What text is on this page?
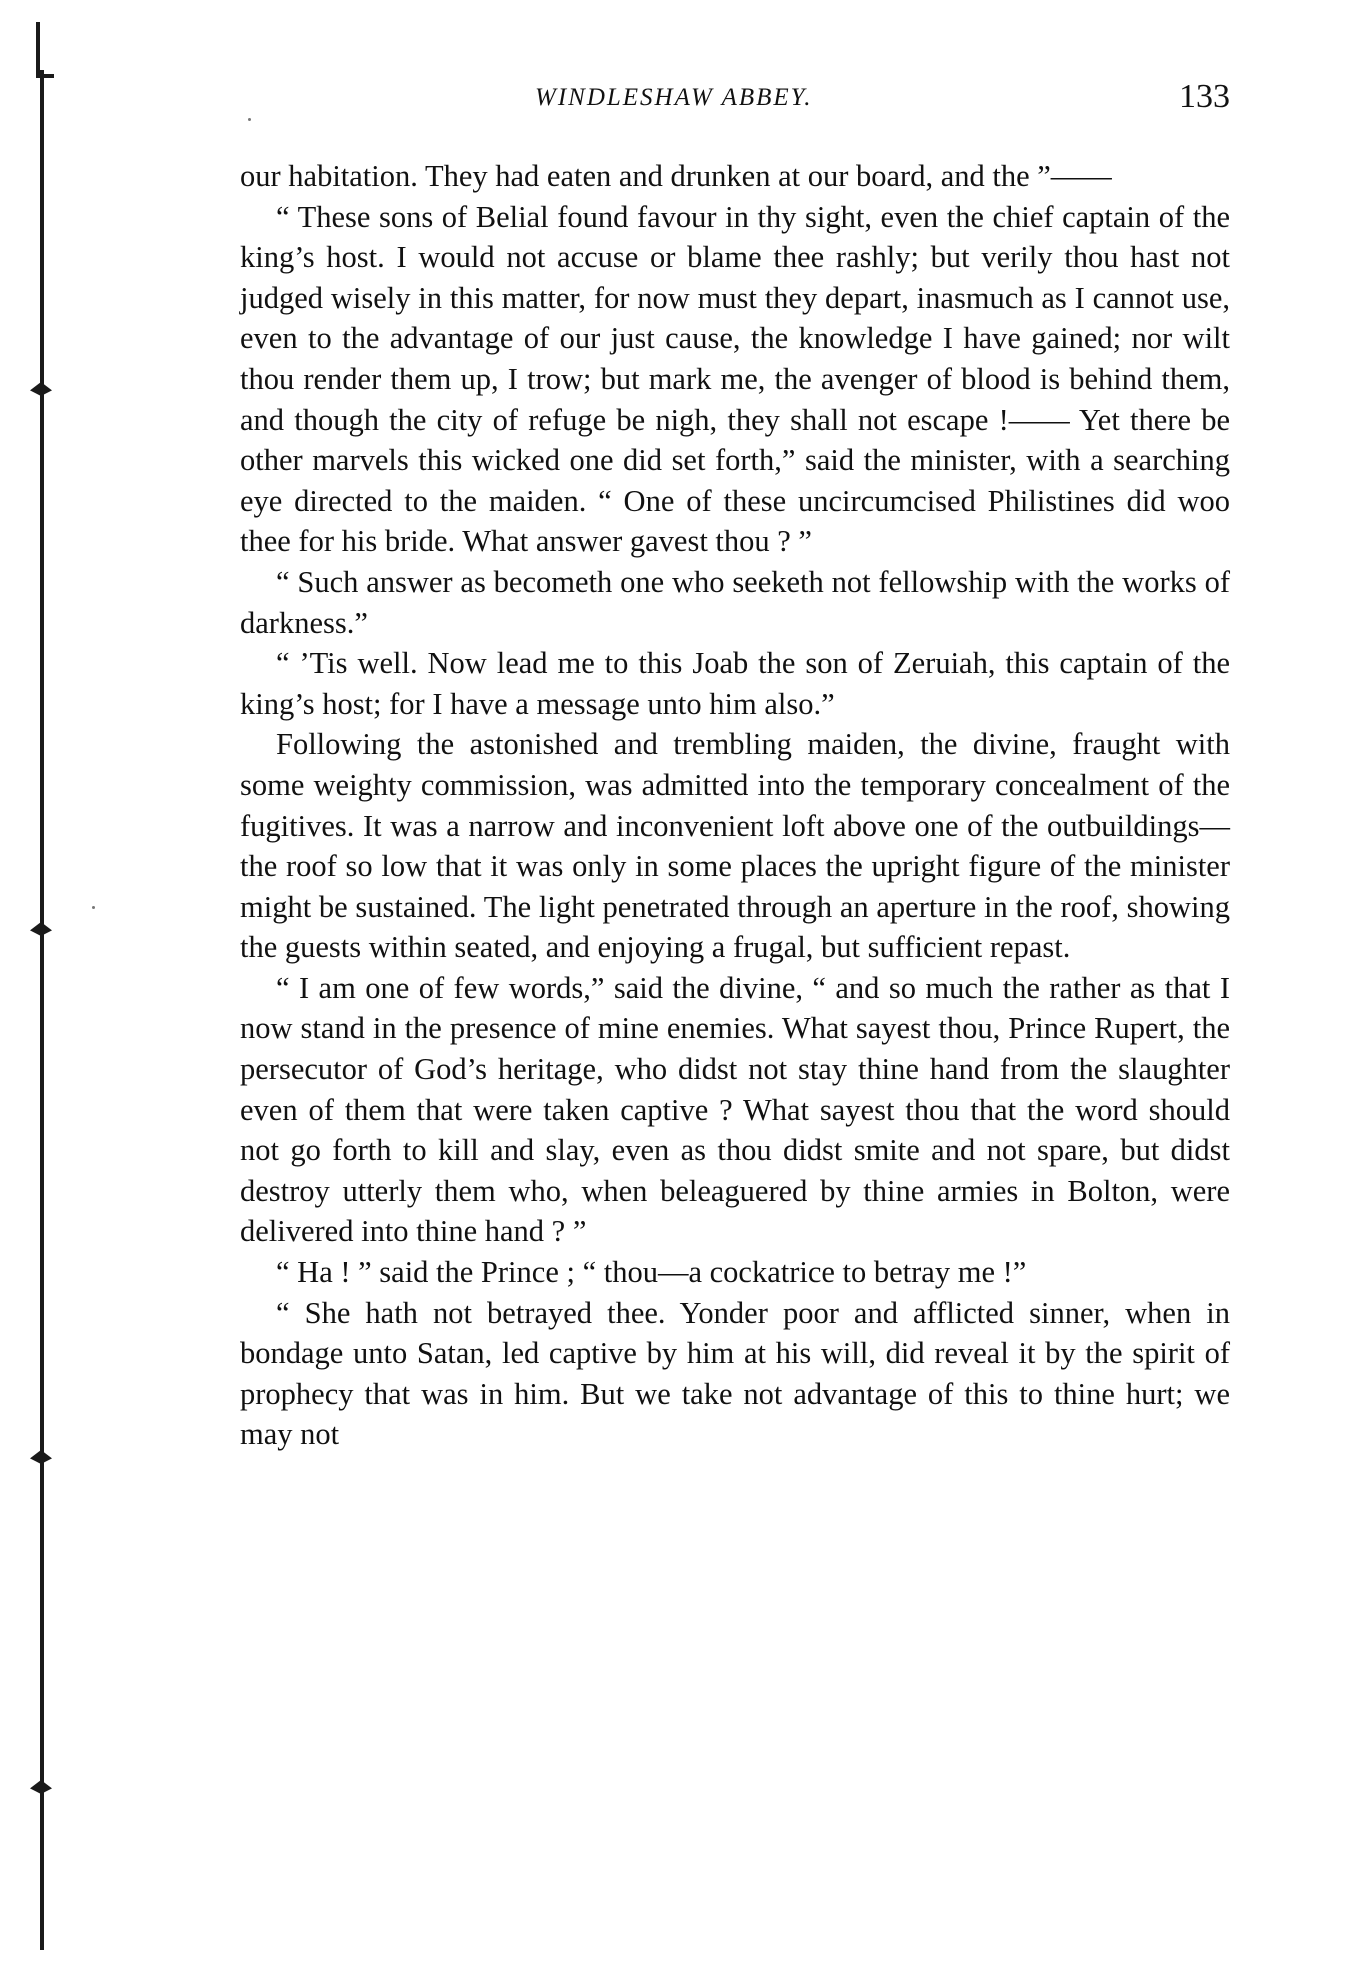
WINDLESHAW ABBEY.	133

our habitation. They had eaten and drunken at our board, and the ”——

“ These sons of Belial found favour in thy sight, even the chief captain of the king’s host. I would not accuse or blame thee rashly; but verily thou hast not judged wisely in this matter, for now must they depart, inasmuch as I cannot use, even to the advantage of our just cause, the knowledge I have gained; nor wilt thou render them up, I trow; but mark me, the avenger of blood is behind them, and though the city of refuge be nigh, they shall not escape !—— Yet there be other marvels this wicked one did set forth,” said the minister, with a searching eye directed to the maiden. “ One of these uncircumcised Philistines did woo thee for his bride. What answer gavest thou ? ”

“ Such answer as becometh one who seeketh not fellowship with the works of darkness.”

“ ’Tis well. Now lead me to this Joab the son of Zeruiah, this captain of the king’s host; for I have a message unto him also.”

Following the astonished and trembling maiden, the divine, fraught with some weighty commission, was admitted into the temporary concealment of the fugitives. It was a narrow and inconvenient loft above one of the outbuildings—the roof so low that it was only in some places the upright figure of the minister might be sustained. The light penetrated through an aperture in the roof, showing the guests within seated, and enjoying a frugal, but sufficient repast.

“ I am one of few words,” said the divine, “ and so much the rather as that I now stand in the presence of mine enemies. What sayest thou, Prince Rupert, the persecutor of God’s heritage, who didst not stay thine hand from the slaughter even of them that were taken captive ? What sayest thou that the word should not go forth to kill and slay, even as thou didst smite and not spare, but didst destroy utterly them who, when beleaguered by thine armies in Bolton, were delivered into thine hand ? ”

“ Ha ! ” said the Prince ; “ thou—a cockatrice to betray me !”

“ She hath not betrayed thee. Yonder poor and afflicted sinner, when in bondage unto Satan, led captive by him at his will, did reveal it by the spirit of prophecy that was in him. But we take not advantage of this to thine hurt; we may not
